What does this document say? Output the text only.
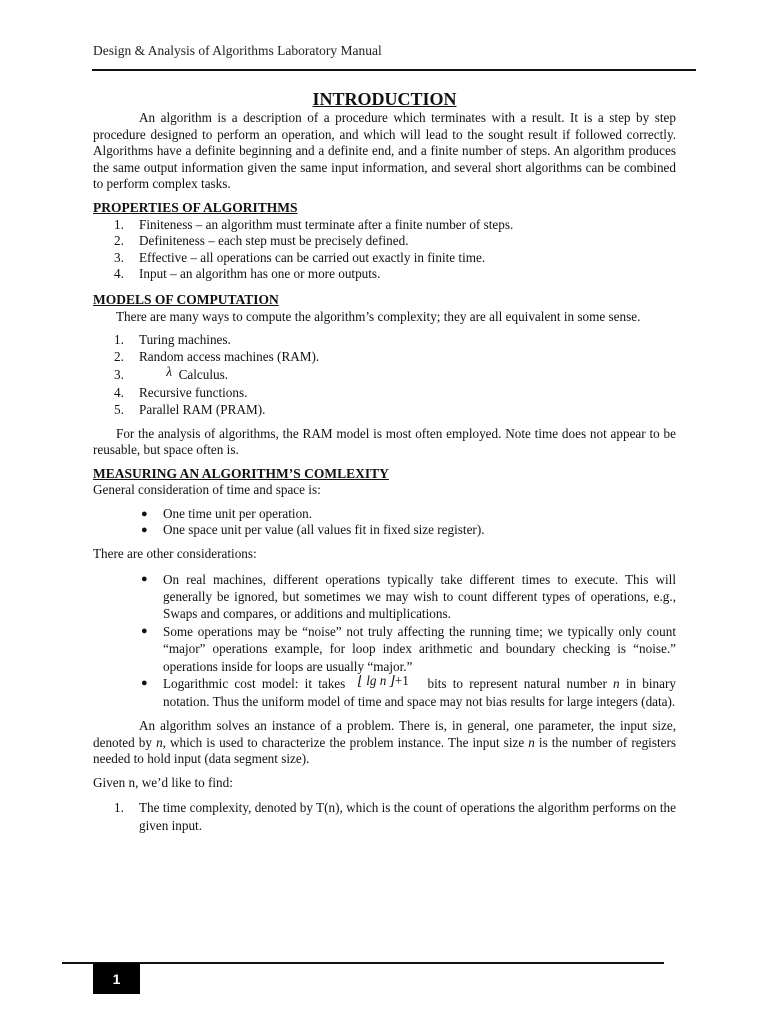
Design & Analysis of Algorithms Laboratory Manual

INTRODUCTION

An algorithm is a description of a procedure which terminates with a result. It is a step by step procedure designed to perform an operation, and which will lead to the sought result if followed correctly. Algorithms have a definite beginning and a definite end, and a finite number of steps. An algorithm produces the same output information given the same input information, and several short algorithms can be combined to perform complex tasks.

PROPERTIES OF ALGORITHMS

1. Finiteness – an algorithm must terminate after a finite number of steps.
2. Definiteness – each step must be precisely defined.
3. Effective – all operations can be carried out exactly in finite time.
4. Input – an algorithm has one or more outputs.

MODELS OF COMPUTATION

There are many ways to compute the algorithm’s complexity; they are all equivalent in some sense.

1. Turing machines.
2. Random access machines (RAM).
3.	λ Calculus.
4. Recursive functions.
5. Parallel RAM (PRAM).

For the analysis of algorithms, the RAM model is most often employed. Note time does not appear to be reusable, but space often is.

MEASURING AN ALGORITHM’S COMLEXITY

General consideration of time and space is:

● One time unit per operation.
● One space unit per value (all values fit in fixed size register).

There are other considerations:

● On real machines, different operations typically take different times to execute. This will generally be ignored, but sometimes we may wish to count different types of operations, e.g., Swaps and compares, or additions and multiplications.
● Some operations may be “noise” not truly affecting the running time; we typically only count “major” operations example, for loop index arithmetic and boundary checking is “noise.” operations inside for loops are usually “major.”
● Logarithmic cost model: it takes ⌊ lg n ⌋+1 bits to represent natural number n in binary notation. Thus the uniform model of time and space may not bias results for large integers (data).

An algorithm solves an instance of a problem. There is, in general, one parameter, the input size, denoted by n, which is used to characterize the problem instance. The input size n is the number of registers needed to hold input (data segment size).

Given n, we’d like to find:

1. The time complexity, denoted by T(n), which is the count of operations the algorithm performs on the given input.
1
